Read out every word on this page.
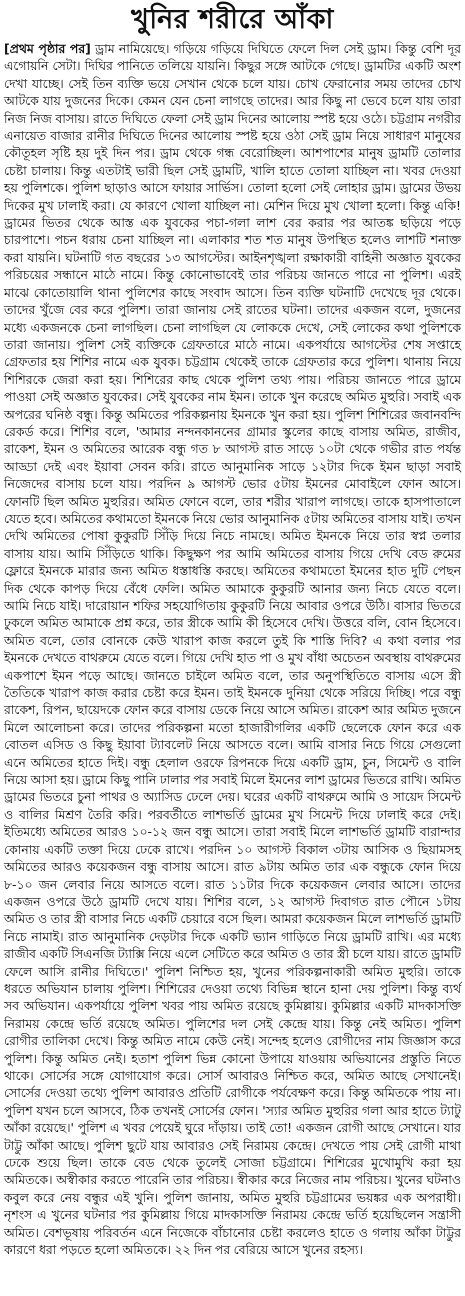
খুনির শরীরে আঁকা

[প্রথম পৃষ্ঠার পর] ড্রাম নামিয়েছে। গড়িয়ে গড়িয়ে দিঘিতে ফেলে দিল সেই ড্রাম। কিন্তু বেশি দূর এগোয়নি সেটা। দিঘির পানিতে তলিয়ে যায়নি। কিছুর সঙ্গে আটকে গেছে। ড্রামটির একটি অংশ দেখা যাচ্ছে। সেই তিন ব্যক্তি ভয়ে সেখান থেকে চলে যায়। চোখ ফেরানোর সময় তাদের চোখ আটকে যায় দুজনের দিকে। কেমন যেন চেনা লাগছে তাদের। আর কিছু না ভেবে চলে যায় তারা নিজ নিজ বাসায়। রাতে দিঘিতে ফেলা সেই ড্রাম দিনের আলোয় স্পষ্ট হয়ে ওঠে। চট্টগ্রাম নগরীর এনায়েত বাজার রানীর দিঘিতে দিনের আলোয় স্পষ্ট হয়ে ওঠা সেই ড্রাম নিয়ে সাধারণ মানুষের কৌতূহল সৃষ্টি হয় দুই দিন পর। ড্রাম থেকে গন্ধ বেরোচ্ছিল। আশপাশের মানুষ ড্রামটি তোলার চেষ্টা চালায়। কিন্তু এতটাই ভারী ছিল সেই ড্রামটি, খালি হাতে তোলা যাচ্ছিল না। খবর দেওয়া হয় পুলিশকে। পুলিশ ছাড়াও আসে ফায়ার সার্ভিস। তোলা হলো সেই লোহার ড্রাম। ড্রামের উভয় দিকের মুখ ঢালাই করা। যে কারণে খোলা যাচ্ছিল না। মেশিন দিয়ে মুখ খোলা হলো। কিন্তু একি! ড্রামের ভিতর থেকে আস্ত এক যুবকের পচা-গলা লাশ বের করার পর আতঙ্ক ছড়িয়ে পড়ে চারপাশে। পচন ধরায় চেনা যাচ্ছিল না। এলাকার শত শত মানুষ উপস্থিত হলেও লাশটি শনাক্ত করা যায়নি। ঘটনাটি গত বছরের ১৩ আগস্টের। আইনশৃঙ্খলা রক্ষাকারী বাহিনী অজ্ঞাত যুবকের পরিচয়ের সন্ধানে মাঠে নামে। কিন্তু কোনোভাবেই তার পরিচয় জানতে পারে না পুলিশ। এরই মাঝে কোতোয়ালি থানা পুলিশের কাছে সংবাদ আসে। তিন ব্যক্তি ঘটনাটি দেখেছে দূর থেকে। তাদের খুঁজে বের করে পুলিশ। তারা জানায় সেই রাতের ঘটনা। তাদের একজন বলে, দুজনের মধ্যে একজনকে চেনা লাগছিল। চেনা লাগছিল যে লোককে দেখে, সেই লোকের কথা পুলিশকে তারা জানায়। পুলিশ সেই ব্যক্তিকে গ্রেফতারে মাঠে নামে। একপর্যায়ে আগস্টের শেষ সপ্তাহে গ্রেফতার হয় শিশির নামে এক যুবক। চট্টগ্রাম থেকেই তাকে গ্রেফতার করে পুলিশ। থানায় নিয়ে শিশিরকে জেরা করা হয়। শিশিরের কাছ থেকে পুলিশ তথ্য পায়। পরিচয় জানতে পারে ড্রামে পাওয়া সেই অজ্ঞাত যুবকের। সেই যুবকের নাম ইমন। তাকে খুন করেছে অমিত মুহুরি। সবাই এক অপরের ঘনিষ্ঠ বন্ধু। কিন্তু অমিতের পরিকল্পনায় ইমনকে খুন করা হয়। পুলিশ শিশিরের জবানবন্দি রেকর্ড করে। শিশির বলে, 'আমার নন্দনকাননের গ্রামার স্কুলের কাছে বাসায় অমিত, রাজীব, রাকেশ, ইমন ও অমিতের আরেক বন্ধু গত ৮ আগস্ট রাত সাড়ে ১০টা থেকে গভীর রাত পর্যন্ত আড্ডা দেই এবং ইয়াবা সেবন করি। রাতে আনুমানিক সাড়ে ১২টার দিকে ইমন ছাড়া সবাই নিজেদের বাসায় চলে যায়। পরদিন ৯ আগস্ট ভোর ৫টায় ইমনের মোবাইলে ফোন আসে। ফোনটি ছিল অমিত মুহুরির। অমিত ফোনে বলে, তার শরীর খারাপ লাগছে। তাকে হাসপাতালে যেতে হবে। অমিতের কথামতো ইমনকে নিয়ে ভোর আনুমানিক ৫টায় অমিতের বাসায় যাই। তখন দেখি অমিতের পোষা কুকুরটি সিঁড়ি দিয়ে নিচে নামছে। অমিত ইমনকে নিয়ে তার স্বপ্ন তলার বাসায় যায়। আমি সিঁড়িতে থাকি। কিছুক্ষণ পর আমি অমিতের বাসায় গিয়ে দেখি বেড রুমের ফ্লোরে ইমনকে মারার জন্য অমিত ধস্তাধস্তি করছে। অমিতের কথামতো ইমনের হাত দুটি পেছন দিক থেকে কাপড় দিয়ে বেঁধে ফেলি। অমিত আমাকে কুকুরটি আনার জন্য নিচে যেতে বলে। আমি নিচে যাই। দারোয়ান শফির সহযোগিতায় কুকুরটি নিয়ে আবার ওপরে উঠি। বাসার ভিতরে ঢুকলে অমিত আমাকে প্রশ্ন করে, তার স্ত্রীকে আমি কী হিসেবে দেখি। উত্তরে বলি, বোন হিসেবে। অমিত বলে, তোর বোনকে কেউ খারাপ কাজ করলে তুই কি শাস্তি দিবি? এ কথা বলার পর ইমনকে দেখতে বাথরুমে যেতে বলে। গিয়ে দেখি হাত পা ও মুখ বাঁধা অচেতন অবস্থায় বাথরুমের একপাশে ইমন পড়ে আছে। জানতে চাইলে অমিত বলে, তার অনুপস্থিতিতে বাসায় এসে স্ত্রী তৈতিকে খারাপ কাজ করার চেষ্টা করে ইমন। তাই ইমনকে দুনিয়া থেকে সরিয়ে দিচ্ছি। পরে বন্ধু রাকেশ, রিপন, ছায়েদকে ফোন করে বাসায় ডেকে নিয়ে আসে অমিত। রাকেশ আর অমিত দুজনে মিলে আলোচনা করে। তাদের পরিকল্পনা মতো হাজারীগলির একটি ছেলেকে ফোন করে এক বোতল এসিড ও কিছু ইয়াবা ট্যাবলেট নিয়ে আসতে বলে। আমি বাসার নিচে গিয়ে সেগুলো এনে অমিতের হাতে দিই। বন্ধু হেলাল ওরফে রিপনকে দিয়ে একটি ড্রাম, চুন, সিমেন্ট ও বালি নিয়ে আসা হয়। ড্রামে কিছু পানি ঢালার পর সবাই মিলে ইমনের লাশ ড্রামের ভিতরে রাখি। অমিত ড্রামের ভিতরে চুনা পাথর ও অ্যাসিড ঢেলে দেয়। ঘরের একটি বাথরুমে আমি ও সায়েদ সিমেন্ট ও বালির মিশ্রণ তৈরি করি। পরবর্তীতে লাশভর্তি ড্রামের মুখ সিমেন্ট দিয়ে ঢালাই করে দেই। ইতিমধ্যে অমিতের আরও ১০-১২ জন বন্ধু আসে। তারা সবাই মিলে লাশভর্তি ড্রামটি বারান্দার কোনায় একটি তক্তা দিয়ে ঢেকে রাখে। পরদিন ১০ আগস্ট বিকাল ৩টায় আসিক ও ছিয়ামসহ অমিতের আরও কয়েকজন বন্ধু বাসায় আসে। রাত ৯টায় অমিত তার এক বন্ধুকে ফোন দিয়ে ৮-১০ জন লেবার নিয়ে আসতে বলে। রাত ১১টার দিকে কয়েকজন লেবার আসে। তাদের একজন ওপরে উঠে ড্রামটি দেখে যায়। শিশির বলে, ১২ আগস্ট দিবাগত রাত পৌনে ১টায় অমিত ও তার স্ত্রী বাসার নিচে একটি চেয়ারে বসে ছিল। আমরা কয়েকজন মিলে লাশভর্তি ড্রামটি নিচে নামাই। রাত আনুমানিক দেড়টার দিকে একটি ভ্যান গাড়িতে নিয়ে ড্রামটি রাখি। এর মধ্যে রাজীব একটি সিএনজি ট্যাক্সি নিয়ে এলে সেটিতে করে অমিত ও তার স্ত্রী চলে যায়। রাতে ড্রামটি ফেলে আসি রানীর দিঘিতে।' পুলিশ নিশ্চিত হয়, খুনের পরিকল্পনাকারী অমিত মুহুরি। তাকে ধরতে অভিযান চালায় পুলিশ। শিশিরের দেওয়া তথ্যে বিভিন্ন স্থানে হানা দেয় পুলিশ। কিন্তু ব্যর্থ সব অভিযান। একপর্যায়ে পুলিশ খবর পায় অমিত রয়েছে কুমিল্লায়। কুমিল্লার একটি মাদকাসক্তি নিরাময় কেন্দ্রে ভর্তি রয়েছে অমিত। পুলিশের দল সেই কেন্দ্রে যায়। কিন্তু নেই অমিত। পুলিশ রোগীর তালিকা দেখে। কিন্তু অমিত নামে কেউ নেই। সন্দেহ হলেও রোগীদের নাম জিজ্ঞাস করে পুলিশ। কিন্তু অমিত নেই। হতাশ পুলিশ ভিন্ন কোনো উপায়ে যাওয়ায় অভিযানের প্রস্তুতি নিতে থাকে। সোর্সের সঙ্গে যোগাযোগ করে। সোর্স আবারও নিশ্চিত করে, অমিত আছে সেখানেই। সোর্সের দেওয়া তথ্যে পুলিশ আবারও প্রতিটি রোগীকে পর্যবেক্ষণ করে। কিন্তু অমিতকে পায় না। পুলিশ যখন চলে আসবে, ঠিক তখনই সোর্সের ফোন। 'স্যার অমিত মুহুরির গলা আর হাতে ট্যাটু আঁকা রয়েছে।' পুলিশ এ খবর পেয়েই ঘুরে দাঁড়ায়। তাই তো! একজন রোগী আছে সেখানে। যার টাট্টু আঁকা আছে। পুলিশ ছুটে যায় আবারও সেই নিরাময় কেন্দ্রে। দেখতে পায় সেই রোগী মাথা ঢেকে শুয়ে ছিল। তাকে বেড থেকে তুলেই সোজা চট্টগ্রামে। শিশিরের মুখোমুখি করা হয় অমিতকে। অস্বীকার করতে পারেনি তার পরিচয়। স্বীকার করে নিজের নাম পরিচয়। খুনের ঘটনাও কবুল করে নেয় বন্ধুর এই খুনি। পুলিশ জানায়, অমিত মুহুরি চট্টগ্রামের ভয়ঙ্কর এক অপরাধী। নৃশংস এ খুনের ঘটনার পর কুমিল্লায় গিয়ে মাদকাসক্তি নিরাময় কেন্দ্রে ভর্তি হয়েছিলেন সন্ত্রাসী অমিত। বেশভূষায় পরিবর্তন এনে নিজেকে বাঁচানোর চেষ্টা করলেও হাতে ও গলায় আঁকা টাট্টুর কারণে ধরা পড়তে হলো অমিতকে। ২২ দিন পর বেরিয়ে আসে খুনের রহস্য।
